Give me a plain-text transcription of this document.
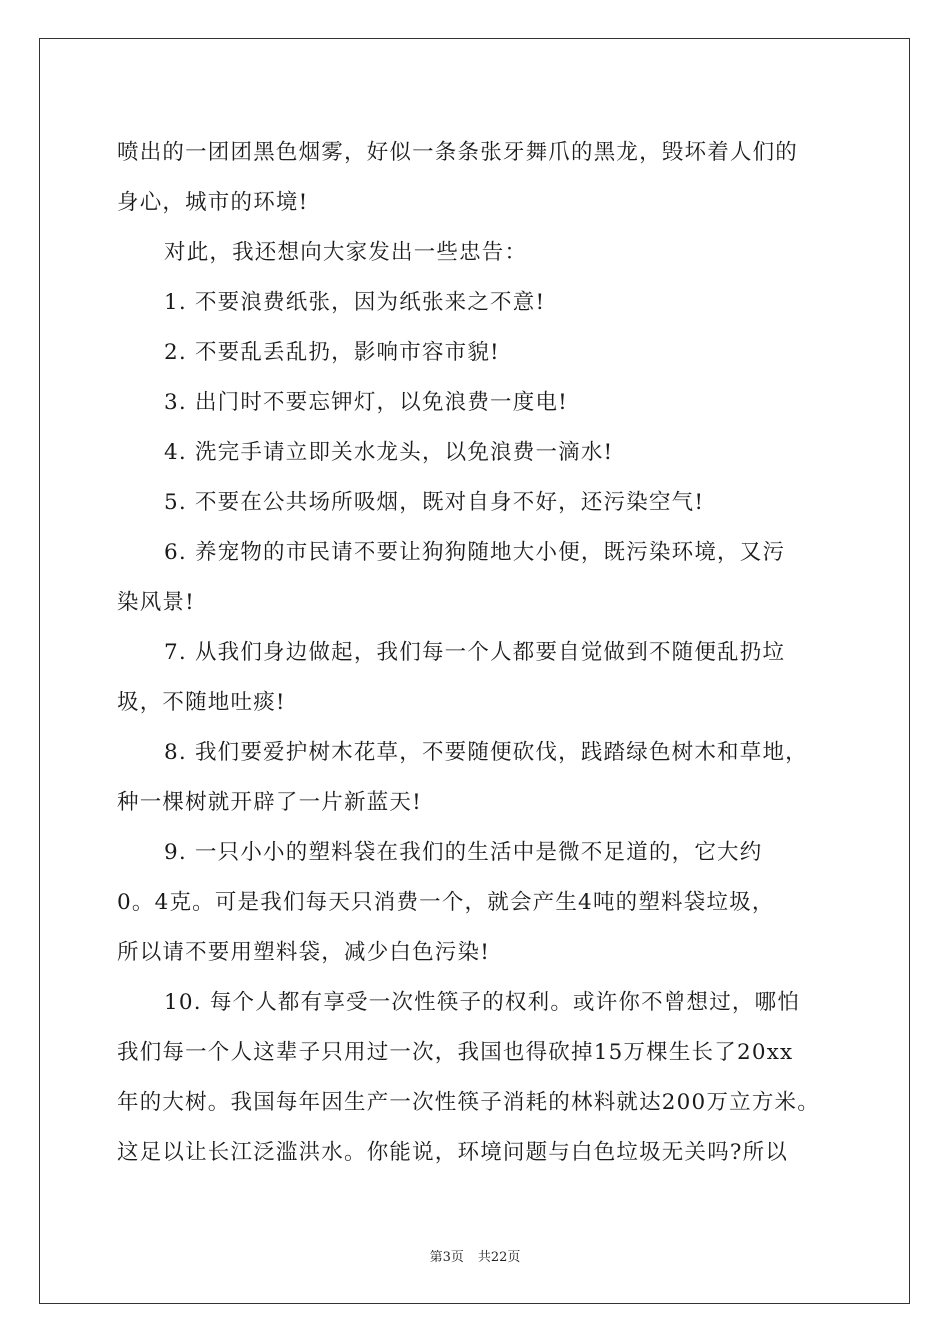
喷出的一团团黑色烟雾，好似一条条张牙舞爪的黑龙，毁坏着人们的
身心，城市的环境!
对此，我还想向大家发出一些忠告：
1. 不要浪费纸张，因为纸张来之不意!
2. 不要乱丢乱扔，影响市容市貌!
3. 出门时不要忘钾灯，以免浪费一度电!
4. 洗完手请立即关水龙头，以免浪费一滴水!
5. 不要在公共场所吸烟，既对自身不好，还污染空气!
6. 养宠物的市民请不要让狗狗随地大小便，既污染环境，又污
染风景!
7. 从我们身边做起，我们每一个人都要自觉做到不随便乱扔垃
圾，不随地吐痰!
8. 我们要爱护树木花草，不要随便砍伐，践踏绿色树木和草地，
种一棵树就开辟了一片新蓝天!
9. 一只小小的塑料袋在我们的生活中是微不足道的，它大约
0。4克。可是我们每天只消费一个，就会产生4吨的塑料袋垃圾，
所以请不要用塑料袋，减少白色污染!
10. 每个人都有享受一次性筷子的权利。或许你不曾想过，哪怕
我们每一个人这辈子只用过一次，我国也得砍掉15万棵生长了20xx
年的大树。我国每年因生产一次性筷子消耗的林料就达200万立方米。
这足以让长江泛滥洪水。你能说，环境问题与白色垃圾无关吗?所以
第3页 共22页
